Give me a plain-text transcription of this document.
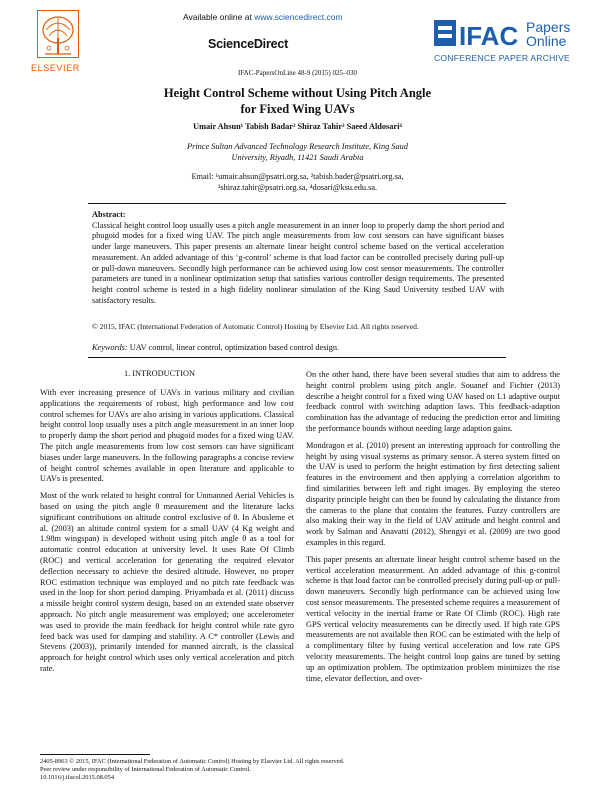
Available online at www.sciencedirect.com
ScienceDirect
ELSEVIER
IFAC Papers
Online
CONFERENCE PAPER ARCHIVE
IFAC-PapersOnLine 48-9 (2015) 025–030
Height Control Scheme without Using Pitch Angle
for Fixed Wing UAVs
Umair Ahsun¹ Tabish Badar² Shiraz Tahir³ Saeed Aldosari⁴
Prince Sultan Advanced Technology Research Institute, King Saud
University, Riyadh, 11421 Saudi Arabia
Email: ¹umair.ahsun@psatri.org.sa, ²tabish.bader@psatri.org.sa,
³shiraz.tahir@psatri.org.sa, ⁴dosari@ksu.edu.sa.
Abstract:
Classical height control loop usually uses a pitch angle measurement in an inner loop to properly damp the short period and phugoid modes for a fixed wing UAV. The pitch angle measurements from low cost sensors can have significant biases under large maneuvers. This paper presents an alternate linear height control scheme based on the vertical acceleration measurement. An added advantage of this ‘g-control’ scheme is that load factor can be controlled precisely during pull-up or pull-down maneuvers. Secondly high performance can be achieved using low cost sensor measurements. The controller parameters are tuned in a nonlinear optimization setup that satisfies various controller design requirements. The presented height control scheme is tested in a high fidelity nonlinear simulation of the King Saud University testbed UAV with satisfactory results.
© 2015, IFAC (International Federation of Automatic Control) Hosting by Elsevier Ltd. All rights reserved.
Keywords: UAV control, linear control, optimization based control design.
1. INTRODUCTION

With ever increasing presence of UAVs in various military and civilian applications the requirements of robust, high performance and low cost control schemes for UAVs are also arising in various applications. Classical height control loop usually uses a pitch angle measurement in an inner loop to properly damp the short period and phugoid modes for a fixed wing UAV. The pitch angle measurements from low cost sensors can have significant biases under large maneuvers. In the following paragraphs a concise review of height control schemes available in open literature and applicable to UAVs is presented.

Most of the work related to height control for Unmanned Aerial Vehicles is based on using the pitch angle θ measurement and the literature lacks significant contributions on altitude control exclusive of θ. In Abusleme et al. (2003) an altitude control system for a small UAV (4 Kg weight and 1.98m wingspan) is developed without using pitch angle θ as a tool for automatic control education at university level. It uses Rate Of Climb (ROC) and vertical acceleration for generating the required elevator deflection necessary to achieve the desired altitude. However, no proper ROC estimation technique was employed and no pitch rate feedback was used in the loop for short period damping. Priyambada et al. (2011) discuss a missile height control system design, based on an extended state observer approach. No pitch angle measurement was employed; one accelerometer was used to provide the main feedback for height control while rate gyro feed back was used for damping and stability. A C* controller (Lewis and Stevens (2003)), primarily intended for manned aircraft, is the classical approach for height control which uses only vertical acceleration and pitch rate.

On the other hand, there have been several studies that aim to address the height control problem using pitch angle. Souanef and Fichter (2013) describe a height control for a fixed wing UAV based on L1 adaptive output feedback control with switching adaption laws. This feedback-adaption combination has the advantage of reducing the prediction error and limiting the performance bounds without needing large adaption gains.

Mondragon et al. (2010) present an interesting approach for controlling the height by using visual systems as primary sensor. A stereo system fitted on the UAV is used to perform the height estimation by first detecting salient features in the environment and then applying a correlation algorithm to find similarities between left and right images. By employing the stereo disparity principle height can then be found by calculating the distance from the cameras to the plane that contains the features. Fuzzy controllers are also making their way in the field of UAV attitude and height control and work by Salman and Anavatti (2012), Shengyi et al. (2009) are two good examples in this regard.

This paper presents an alternate linear height control scheme based on the vertical acceleration measurement. An added advantage of this g-control scheme is that load factor can be controlled precisely during pull-up or pull-down maneuvers. Secondly high performance can be achieved using low cost sensor measurements. The presented scheme requires a measurement of vertical velocity in the inertial frame or Rate Of Climb (ROC). High rate GPS vertical velocity measurements can be directly used. If high rate GPS measurements are not available then ROC can be estimated with the help of a complimentary filter by fusing vertical acceleration and low rate GPS velocity measurements. The height control loop gains are tuned by setting up an optimization problem. The optimization problem minimizes the rise time, elevator deflection, and over-

2405-8963 © 2015, IFAC (International Federation of Automatic Control) Hosting by Elsevier Ltd. All rights reserved.
Peer review under responsibility of International Federation of Automatic Control.
10.1016/j.ifacol.2015.08.054
